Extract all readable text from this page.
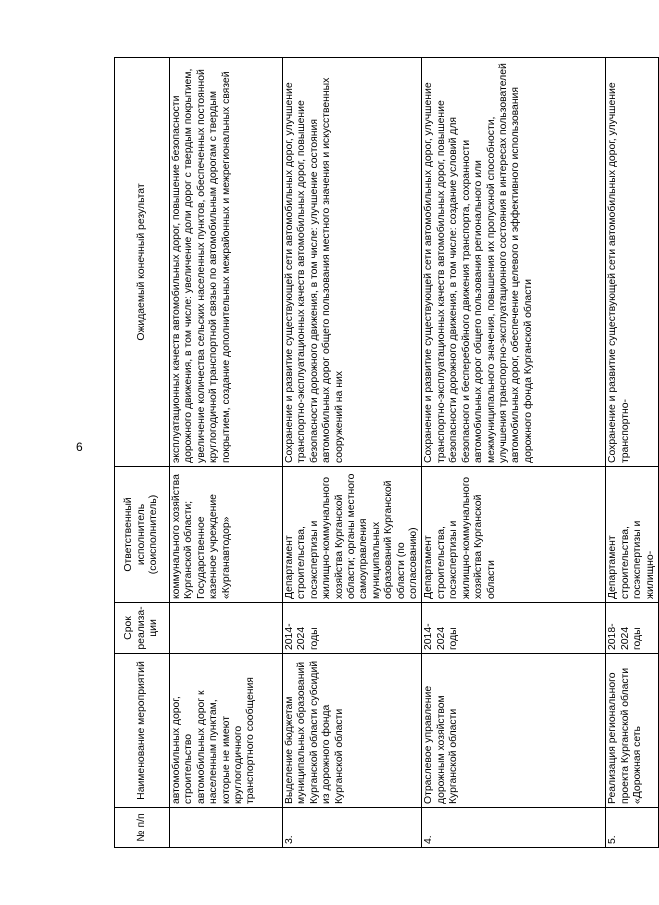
6
№ п/п	Наименование мероприятий	Срок реализа-ции	Ответственный исполнитель (соисполнитель)	Ожидаемый конечный результат
	автомобильных дорог, строительство автомобильных дорог к населенным пунктам, которые не имеют круглогодичного транспортного сообщения		коммунального хозяйства Курганской области; Государственное казенное учреждение «Курганавтодор»	эксплуатационных качеств автомобильных дорог, повышение безопасности дорожного движения, в том числе: увеличение доли дорог с твердым покрытием, увеличение количества сельских населенных пунктов, обеспеченных постоянной круглогодичной транспортной связью по автомобильным дорогам с твердым покрытием, создание дополнительных межрайонных и межрегиональных связей
3.	Выделение бюджетам муниципальных образований Курганской области субсидий из дорожного фонда Курганской области	2014-2024 годы	Департамент строительства, госэкспертизы и жилищно-коммунального хозяйства Курганской области; органы местного самоуправления муниципальных образований Курганской области (по согласованию)	Сохранение и развитие существующей сети автомобильных дорог, улучшение транспортно-эксплуатационных качеств автомобильных дорог, повышение безопасности дорожного движения, в том числе: улучшение состояния автомобильных дорог общего пользования местного значения и искусственных сооружений на них
4.	Отраслевое управление дорожным хозяйством Курганской области	2014-2024 годы	Департамент строительства, госэкспертизы и жилищно-коммунального хозяйства Курганской области	Сохранение и развитие существующей сети автомобильных дорог, улучшение транспортно-эксплуатационных качеств автомобильных дорог, повышение безопасности дорожного движения, в том числе: создание условий для безопасного и бесперебойного движения транспорта, сохранности автомобильных дорог общего пользования регионального или межмуниципального значения, повышения их пропускной способности, улучшения транспортно-эксплуатационного состояния в интересах пользователей автомобильных дорог, обеспечение целевого и эффективного использования дорожного фонда Курганской области
5.	Реализация регионального проекта Курганской области «Дорожная сеть	2018-2024 годы	Департамент строительства, госэкспертизы и жилищно-	Сохранение и развитие существующей сети автомобильных дорог, улучшение транспортно-
